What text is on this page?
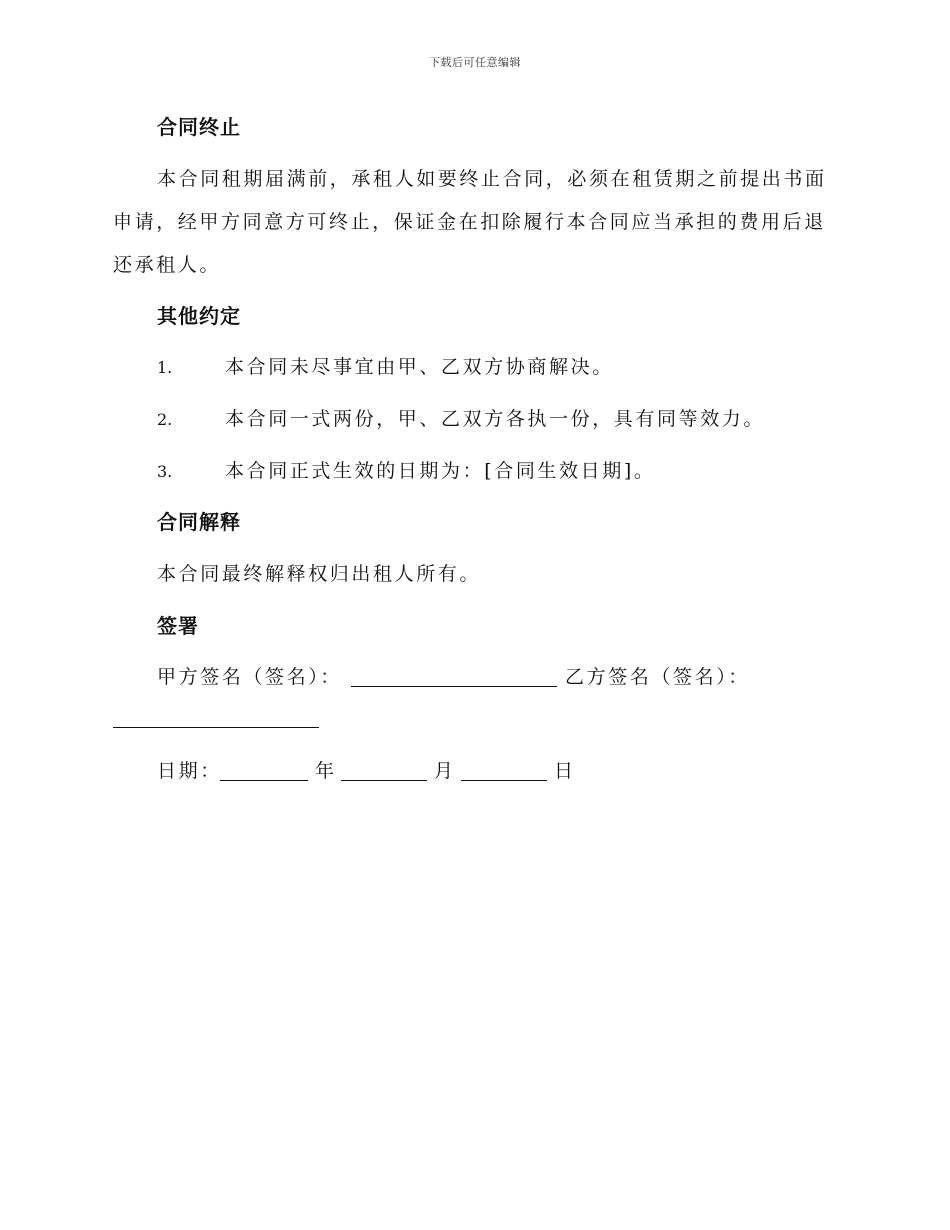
下载后可任意编辑
合同终止

本合同租期届满前，承租人如要终止合同，必须在租赁期之前提出书面申请，经甲方同意方可终止，保证金在扣除履行本合同应当承担的费用后退还承租人。

其他约定
1.	本合同未尽事宜由甲、乙双方协商解决。
2.	本合同一式两份，甲、乙双方各执一份，具有同等效力。
3.	本合同正式生效的日期为：[合同生效日期]。
合同解释
本合同最终解释权归出租人所有。
签署
甲方签名（签名）：	乙方签名（签名）：
日期：	年	月	日
